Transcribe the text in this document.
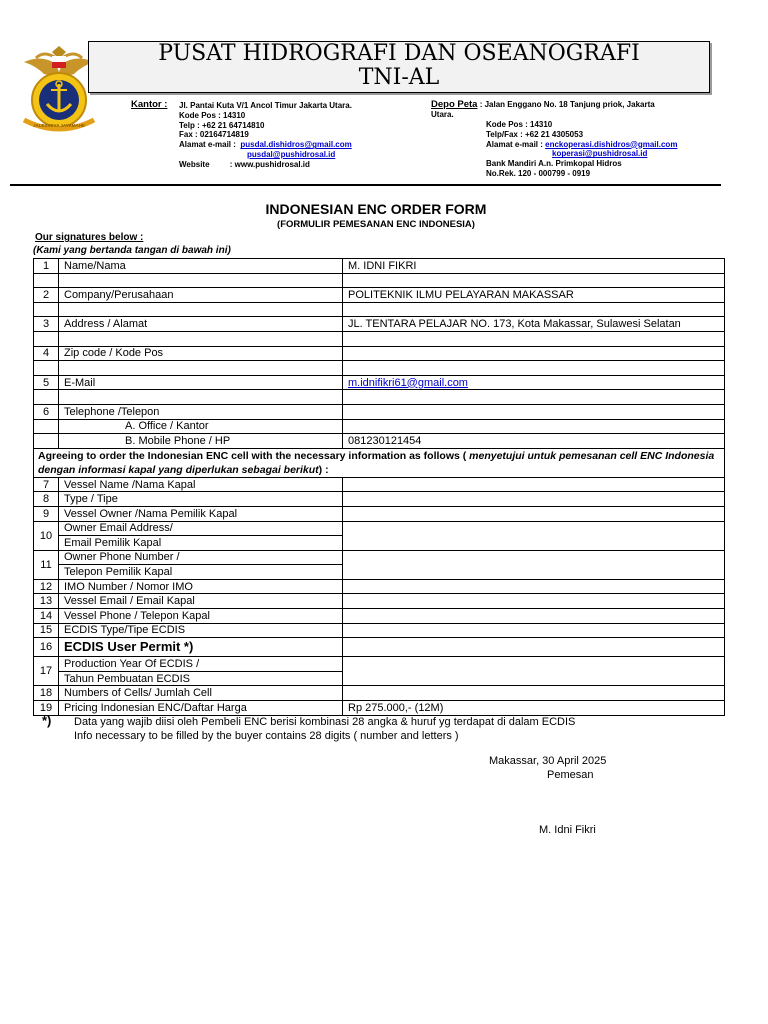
JALESVEVA JAYAMAHE
PUSAT HIDROGRAFI DAN OSEANOGRAFI
TNI-AL
Kantor : Jl. Pantai Kuta V/1 Ancol Timur Jakarta Utara.
Kode Pos : 14310
Telp : +62 21 64714810
Fax : 02164714819
Alamat e-mail : pusdal.dishidros@gmail.com
pusdal@pushidrosal.id
Website	: www.pushidrosal.id
Depo Peta : Jalan Enggano No. 18 Tanjung priok, Jakarta
Utara.
Kode Pos : 14310
Telp/Fax : +62 21 4305053
Alamat e-mail : enckoperasi.dishidros@gmail.com
koperasi@pushidrosal.id
Bank Mandiri A.n. Primkopal Hidros
No.Rek. 120 - 000799 - 0919
INDONESIAN ENC ORDER FORM
(FORMULIR PEMESANAN ENC INDONESIA)
Our signatures below :
(Kami yang bertanda tangan di bawah ini)
1	Name/Nama	M. IDNI FIKRI

2	Company/Perusahaan	POLITEKNIK ILMU PELAYARAN MAKASSAR

3	Address / Alamat	JL. TENTARA PELAJAR NO. 173, Kota Makassar, Sulawesi Selatan

4	Zip code / Kode Pos	

5	E-Mail	m.idnifikri61@gmail.com

6	Telephone /Telepon	
	A. Office / Kantor	
	B. Mobile Phone / HP	081230121454
Agreeing to order the Indonesian ENC cell with the necessary information as follows ( menyetujui untuk pemesanan cell ENC Indonesia dengan informasi kapal yang diperlukan sebagai berikut) :		
7	Vessel Name /Nama Kapal	
8	Type / Tipe	
9	Vessel Owner /Nama Pemilik Kapal	
10	Owner Email Address/	
	Email Pemilik Kapal	
11	Owner Phone Number /	
	Telepon Pemilik Kapal	
12	IMO Number / Nomor IMO	
13	Vessel Email / Email Kapal	
14	Vessel Phone / Telepon Kapal	
15	ECDIS Type/Tipe ECDIS	
16	ECDIS User Permit *)	
17	Production Year Of ECDIS /	
	Tahun Pembuatan ECDIS	
18	Numbers of Cells/ Jumlah Cell	
19	Pricing Indonesian ENC/Daftar Harga	Rp 275.000,- (12M)
*) Data yang wajib diisi oleh Pembeli ENC berisi kombinasi 28 angka & huruf yg terdapat di dalam ECDIS
Info necessary to be filled by the buyer contains 28 digits ( number and letters )
Makassar, 30 April 2025
Pemesan
M. Idni Fikri
